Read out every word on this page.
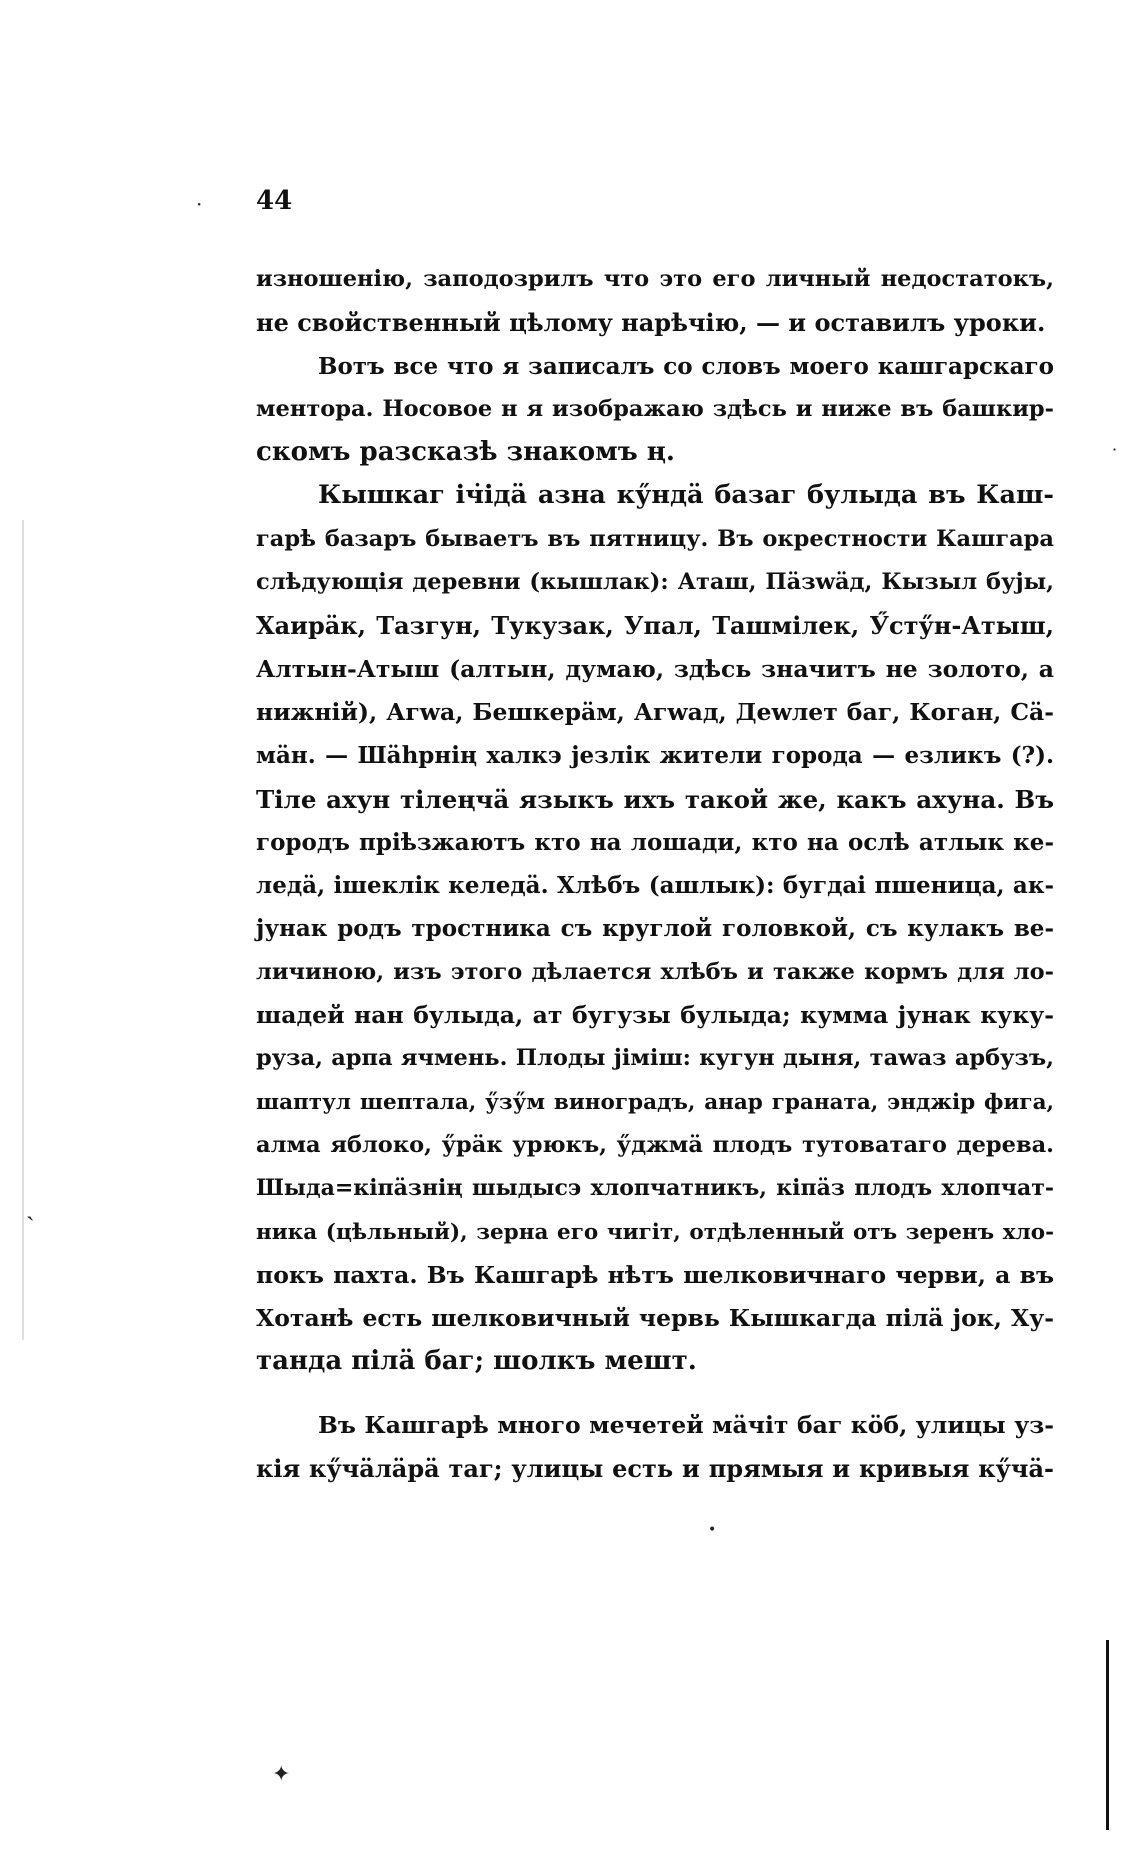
44
изношенію, заподозрилъ что это его личный недостатокъ,
не свойственный цѣлому нарѣчію, — и оставилъ уроки.
Вотъ все что я записалъ со словъ моего кашгарскаго
ментора. Носовое н я изображаю здѣсь и ниже въ башкир-
скомъ разсказѣ знакомъ ң.
Кышкаг іч̇ідӓ азна кӳндӓ базаг булыда въ Каш-
гарѣ базаръ бываетъ въ пятницу. Въ окрестности Кашгара
слѣдующія деревни (кышлак): Аташ, Пӓзwӓд, Кызыл бујы,
Хаирӓк, Тазгун, Тукузак, Упал, Ташмілек, Ӳстӳн-Атыш,
Алтын-Атыш (алтын, думаю, здѣсь значитъ не золото, а
нижній), Агwа, Бешкерӓм, Агwад, Деwлет баг, Коган, Сӓ-
мӓн. — Шӓһрнің халкэ језлік жители города — езликъ (?).
Тіле ахун тілеңчӓ языкъ ихъ такой же, какъ ахуна. Въ
городъ пріѣзжаютъ кто на лошади, кто на ослѣ атлык ке-
ледӓ, ішеклік келедӓ. Хлѣбъ (ашлык): бугдаі пшеница, ак-
јунак родъ тростника съ круглой головкой, съ кулакъ ве-
личиною, изъ этого дѣлается хлѣбъ и также кормъ для ло-
шадей нан булыда, ат бугузы булыда; кумма јунак куку-
руза, арпа ячмень. Плоды јіміш: кугун дыня, таwаз арбузъ,
шаптул шептала, ӳзӳм виноградъ, анар граната, энджір фига,
алма яблоко, ӳрӓк урюкъ, ӳджмӓ плодъ тутоватаго дерева.
Шыда=кіпӓзнің шыдысэ хлопчатникъ, кіпӓз плодъ хлопчат-
ника (цѣльный), зерна его чигіт, отдѣленный отъ зеренъ хло-
покъ пахта. Въ Кашгарѣ нѣтъ шелковичнаго черви, а въ
Хотанѣ есть шелковичный червь Кышкагда пілӓ јок, Ху-
танда пілӓ баг; шолкъ мешт.
Въ Кашгарѣ много мечетей мӓчіт баг кӧб, улицы уз-
кія кӳчӓлӓрӓ таг; улицы есть и прямыя и кривыя кӳчӓ-
·
ˏ
•
✦
·
